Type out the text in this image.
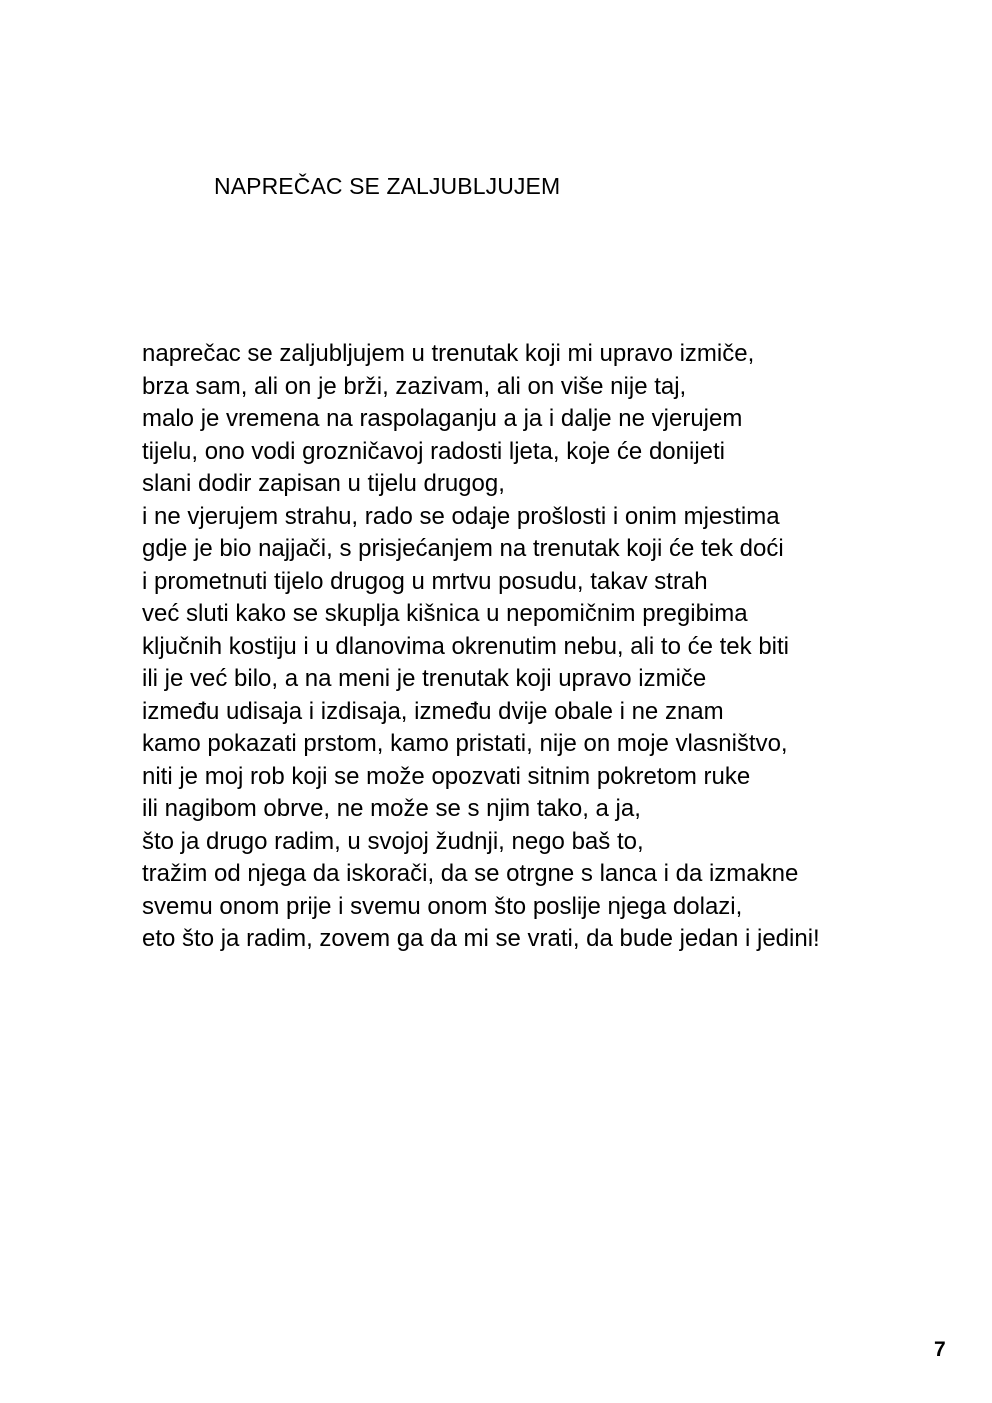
NAPREČAC SE ZALJUBLJUJEM
naprečac se zaljubljujem u trenutak koji mi upravo izmiče,
brza sam, ali on je brži, zazivam, ali on više nije taj,
malo je vremena na raspolaganju a ja i dalje ne vjerujem
tijelu, ono vodi grozničavoj radosti ljeta, koje će donijeti
slani dodir zapisan u tijelu drugog,
i ne vjerujem strahu, rado se odaje prošlosti i onim mjestima
gdje je bio najjači, s prisjećanjem na trenutak koji će tek doći
i prometnuti tijelo drugog u mrtvu posudu, takav strah
već sluti kako se skuplja kišnica u nepomičnim pregibima
ključnih kostiju i u dlanovima okrenutim nebu, ali to će tek biti
ili je već bilo, a na meni je trenutak koji upravo izmiče
između udisaja i izdisaja, između dvije obale i ne znam
kamo pokazati prstom, kamo pristati, nije on moje vlasništvo,
niti je moj rob koji se može opozvati sitnim pokretom ruke
ili nagibom obrve, ne može se s njim tako, a ja,
što ja drugo radim, u svojoj žudnji, nego baš to,
tražim od njega da iskorači, da se otrgne s lanca i da izmakne
svemu onom prije i svemu onom što poslije njega dolazi,
eto što ja radim, zovem ga da mi se vrati, da bude jedan i jedini!
7
